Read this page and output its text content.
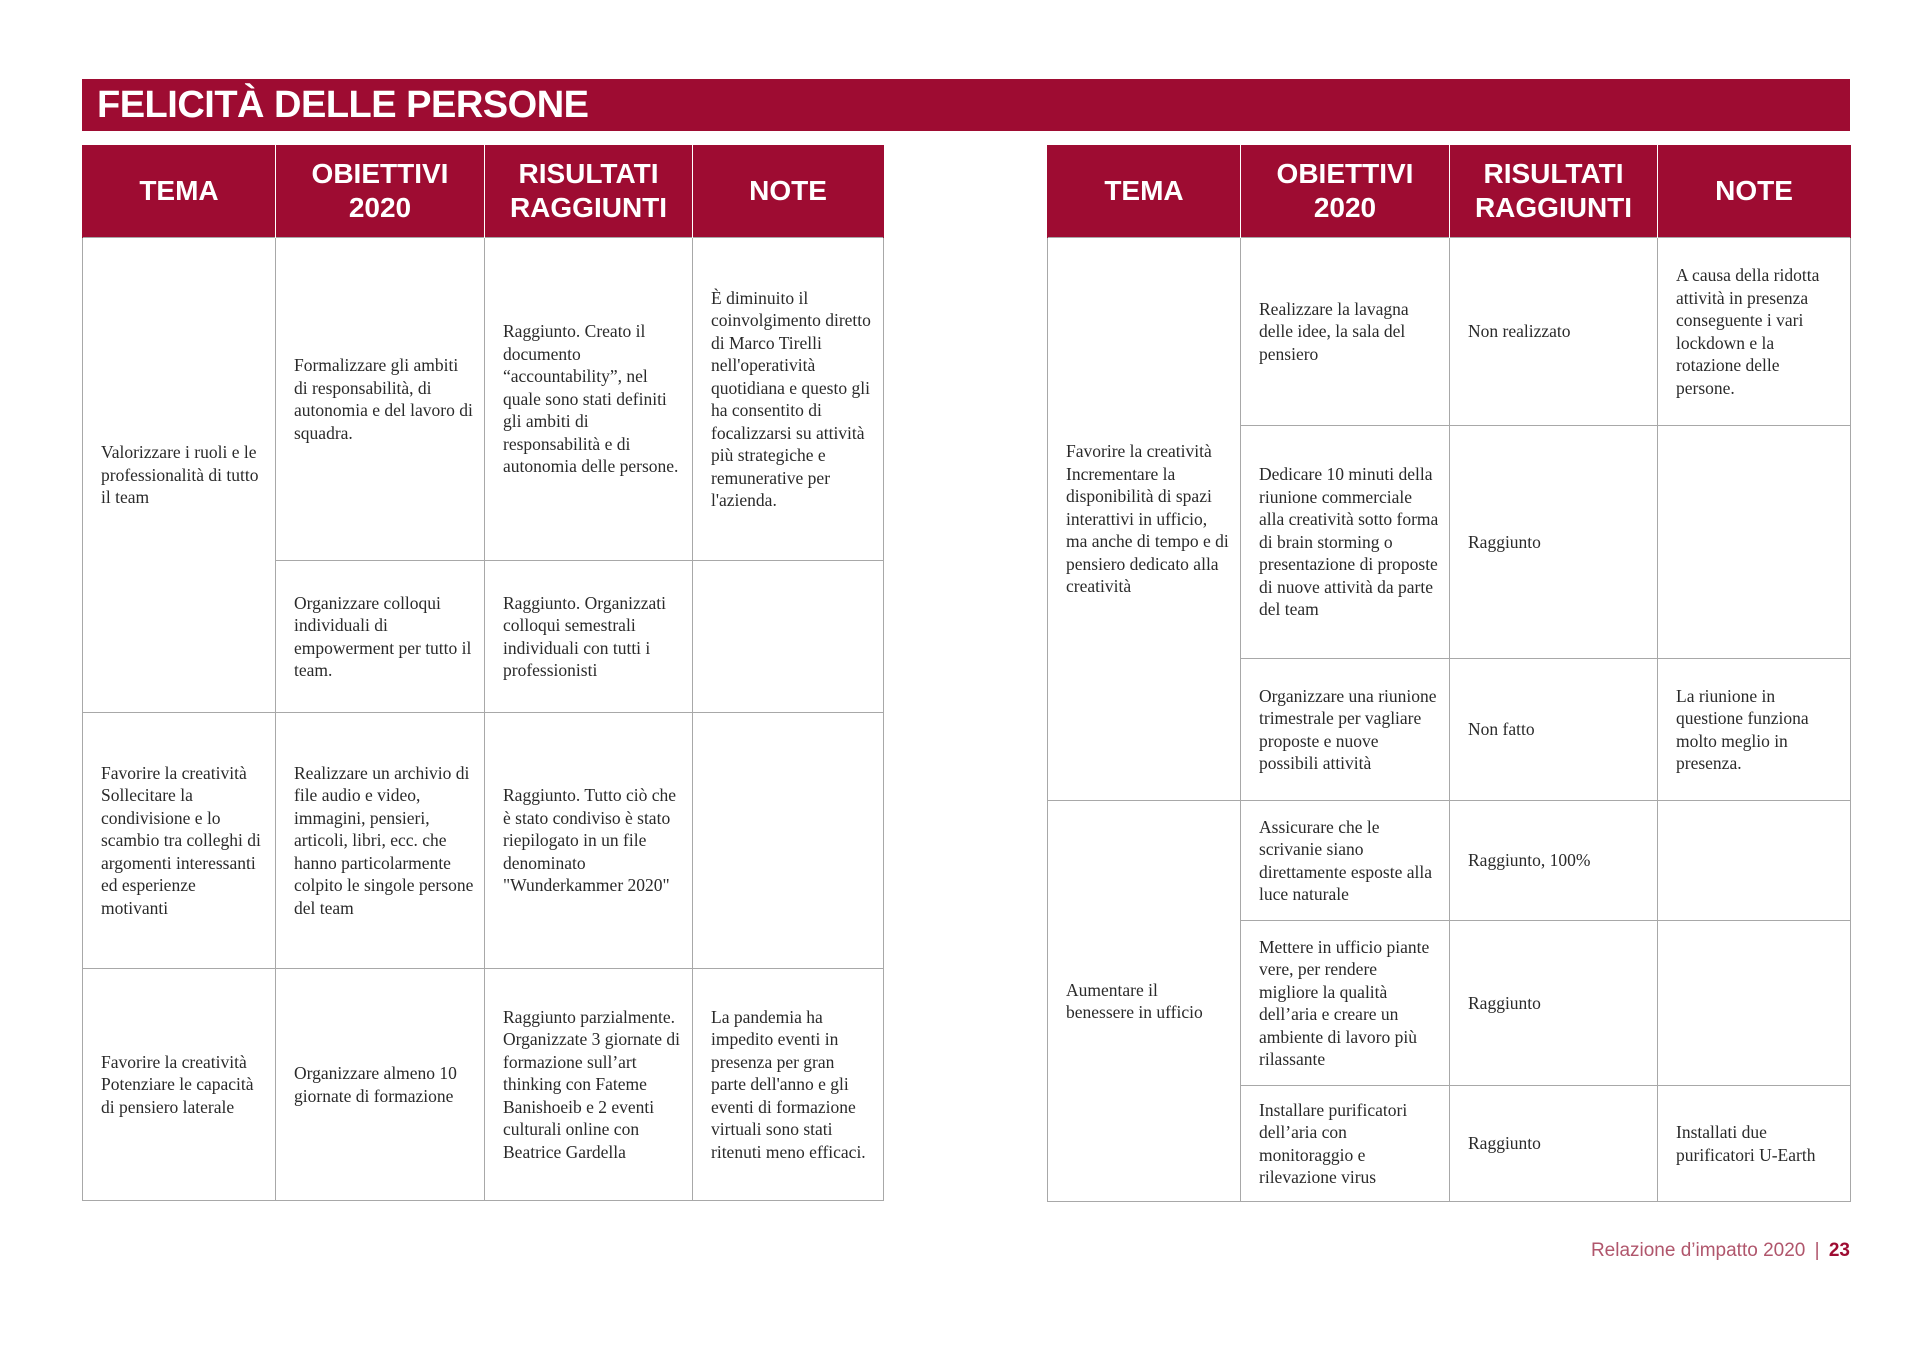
FELICITÀ DELLE PERSONE
TEMA	OBIETTIVI 2020	RISULTATI RAGGIUNTI	NOTE
Valorizzare i ruoli e le professionalità di tutto il team	Formalizzare gli ambiti di responsabilità, di autonomia e del lavoro di squadra.	Raggiunto. Creato il documento “accountability”, nel quale sono stati definiti gli ambiti di responsabilità e di autonomia delle persone.	È diminuito il coinvolgimento diretto di Marco Tirelli nell'operatività quotidiana e questo gli ha consentito di focalizzarsi su attività più strategiche e remunerative per l'azienda.
	Organizzare colloqui individuali di empowerment per tutto il team.	Raggiunto. Organizzati colloqui semestrali individuali con tutti i professionisti	
Favorire la creatività Sollecitare la condivisione e lo scambio tra colleghi di argomenti interessanti ed esperienze motivanti	Realizzare un archivio di file audio e video, immagini, pensieri, articoli, libri, ecc. che hanno particolarmente colpito le singole persone del team	Raggiunto. Tutto ciò che è stato condiviso è stato riepilogato in un file denominato "Wunderkammer 2020"	
Favorire la creatività Potenziare le capacità di pensiero laterale	Organizzare almeno 10 giornate di formazione	Raggiunto parzialmente. Organizzate 3 giornate di formazione sull’art thinking con Fateme Banishoeib e 2 eventi culturali online con Beatrice Gardella	La pandemia ha impedito eventi in presenza per gran parte dell'anno e gli eventi di formazione virtuali sono stati ritenuti meno efficaci.
TEMA	OBIETTIVI 2020	RISULTATI RAGGIUNTI	NOTE
Favorire la creatività Incrementare la disponibilità di spazi interattivi in ufficio, ma anche di tempo e di pensiero dedicato alla creatività	Realizzare la lavagna delle idee, la sala del pensiero	Non realizzato	A causa della ridotta attività in presenza conseguente i vari lockdown e la rotazione delle persone.
	Dedicare 10 minuti della riunione commerciale alla creatività sotto forma di brain storming o presentazione di proposte di nuove attività da parte del team	Raggiunto	
	Organizzare una riunione trimestrale per vagliare proposte e nuove possibili attività	Non fatto	La riunione in questione funziona molto meglio in presenza.
Aumentare il benessere in ufficio	Assicurare che le scrivanie siano direttamente esposte alla luce naturale	Raggiunto, 100%	
	Mettere in ufficio piante vere, per rendere migliore la qualità dell’aria e creare un ambiente di lavoro più rilassante	Raggiunto	
	Installare purificatori dell’aria con monitoraggio e rilevazione virus	Raggiunto	Installati due purificatori U-Earth
Relazione d’impatto 2020 | 23
